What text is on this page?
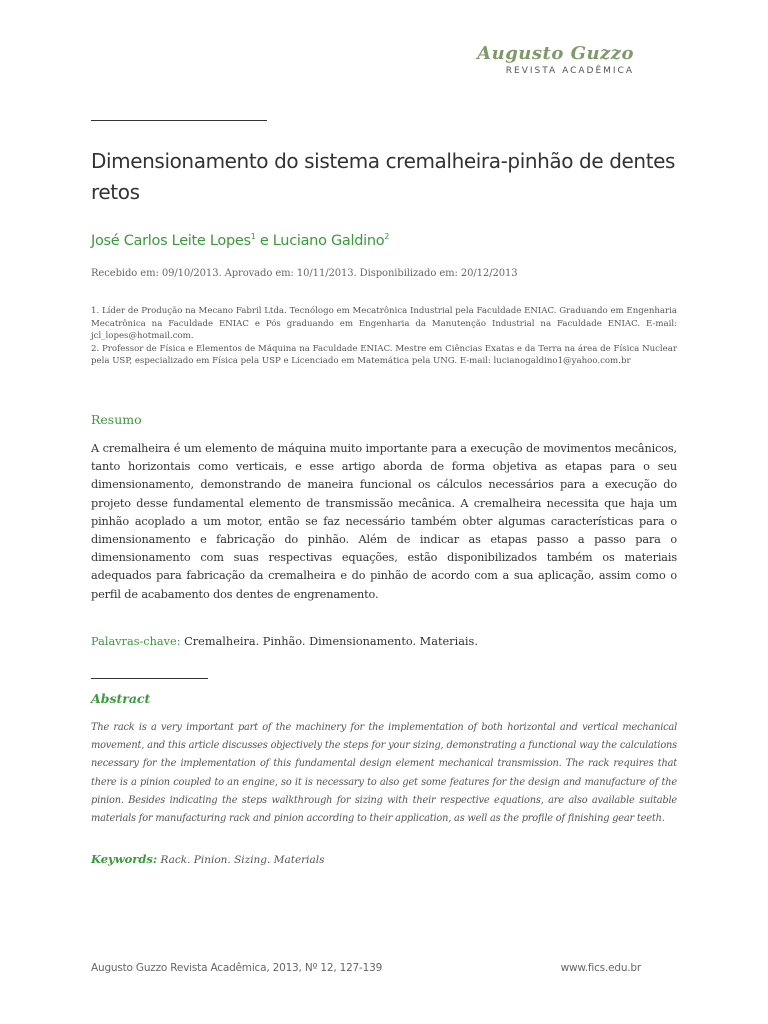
Augusto Guzzo
REVISTA ACADÊMICA
Dimensionamento do sistema cremalheira-pinhão de dentes retos
José Carlos Leite Lopes$^1$ e Luciano Galdino$^2$
Recebido em: 09/10/2013. Aprovado em: 10/11/2013. Disponibilizado em: 20/12/2013

1. Líder de Produção na Mecano Fabril Ltda. Tecnólogo em Mecatrônica Industrial pela Faculdade ENIAC. Graduando em Engenharia Mecatrônica na Faculdade ENIAC e Pós graduando em Engenharia da Manutenção Industrial na Faculdade ENIAC. E-mail: jcl_lopes@hotmail.com.

2. Professor de Física e Elementos de Máquina na Faculdade ENIAC. Mestre em Ciências Exatas e da Terra na área de Física Nuclear pela USP, especializado em Física pela USP e Licenciado em Matemática pela UNG. E-mail: lucianogaldino1@yahoo.com.br

Resumo

A cremalheira é um elemento de máquina muito importante para a execução de movimentos mecânicos, tanto horizontais como verticais, e esse artigo aborda de forma objetiva as etapas para o seu dimensionamento, demonstrando de maneira funcional os cálculos necessários para a execução do projeto desse fundamental elemento de transmissão mecânica. A cremalheira necessita que haja um pinhão acoplado a um motor, então se faz necessário também obter algumas características para o dimensionamento e fabricação do pinhão. Além de indicar as etapas passo a passo para o dimensionamento com suas respectivas equações, estão disponibilizados também os materiais adequados para fabricação da cremalheira e do pinhão de acordo com a sua aplicação, assim como o perfil de acabamento dos dentes de engrenamento.

Palavras-chave: Cremalheira. Pinhão. Dimensionamento. Materiais.
Abstract

The rack is a very important part of the machinery for the implementation of both horizontal and vertical mechanical movement, and this article discusses objectively the steps for your sizing, demonstrating a functional way the calculations necessary for the implementation of this fundamental design element mechanical transmission. The rack requires that there is a pinion coupled to an engine, so it is necessary to also get some features for the design and manufacture of the pinion. Besides indicating the steps walkthrough for sizing with their respective equations, are also available suitable materials for manufacturing rack and pinion according to their application, as well as the profile of finishing gear teeth.

Keywords: Rack. Pinion. Sizing. Materials
Augusto Guzzo Revista Acadêmica, 2013, Nº 12, 127-139	www.fics.edu.br
